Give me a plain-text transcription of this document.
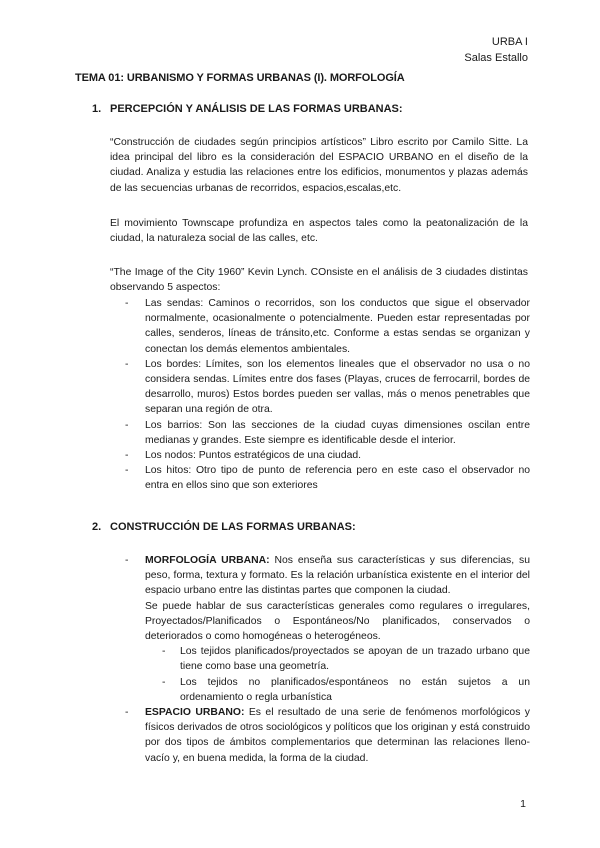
URBA I
Salas Estallo
TEMA 01: URBANISMO Y FORMAS URBANAS (I). MORFOLOGÍA
1. PERCEPCIÓN Y ANÁLISIS DE LAS FORMAS URBANAS:
“Construcción de ciudades según principios artísticos” Libro escrito por Camilo Sitte. La idea principal del libro es la consideración del ESPACIO URBANO en el diseño de la ciudad. Analiza y estudia las relaciones entre los edificios, monumentos y plazas además de las secuencias urbanas de recorridos, espacios,escalas,etc.
El movimiento Townscape profundiza en aspectos tales como la peatonalización de la ciudad, la naturaleza social de las calles, etc.
“The Image of the City 1960” Kevin Lynch. COnsiste en el análisis de 3 ciudades distintas observando 5 aspectos:
- Las sendas: Caminos o recorridos, son los conductos que sigue el observador normalmente, ocasionalmente o potencialmente. Pueden estar representadas por calles, senderos, líneas de tránsito,etc. Conforme a estas sendas se organizan y conectan los demás elementos ambientales.
- Los bordes: Límites, son los elementos lineales que el observador no usa o no considera sendas. Límites entre dos fases (Playas, cruces de ferrocarril, bordes de desarrollo, muros) Estos bordes pueden ser vallas, más o menos penetrables que separan una región de otra.
- Los barrios: Son las secciones de la ciudad cuyas dimensiones oscilan entre medianas y grandes. Este siempre es identificable desde el interior.
- Los nodos: Puntos estratégicos de una ciudad.
- Los hitos: Otro tipo de punto de referencia pero en este caso el observador no entra en ellos sino que son exteriores
2. CONSTRUCCIÓN DE LAS FORMAS URBANAS:
- MORFOLOGÍA URBANA: Nos enseña sus características y sus diferencias, su peso, forma, textura y formato. Es la relación urbanística existente en el interior del espacio urbano entre las distintas partes que componen la ciudad.
Se puede hablar de sus características generales como regulares o irregulares, Proyectados/Planificados o Espontáneos/No planificados, conservados o deteriorados o como homogéneas o heterogéneos.
- Los tejidos planificados/proyectados se apoyan de un trazado urbano que tiene como base una geometría.
- Los tejidos no planificados/espontáneos no están sujetos a un ordenamiento o regla urbanística
- ESPACIO URBANO: Es el resultado de una serie de fenómenos morfológicos y físicos derivados de otros sociológicos y políticos que los originan y está construido por dos tipos de ámbitos complementarios que determinan las relaciones lleno-vacío y, en buena medida, la forma de la ciudad.
1
